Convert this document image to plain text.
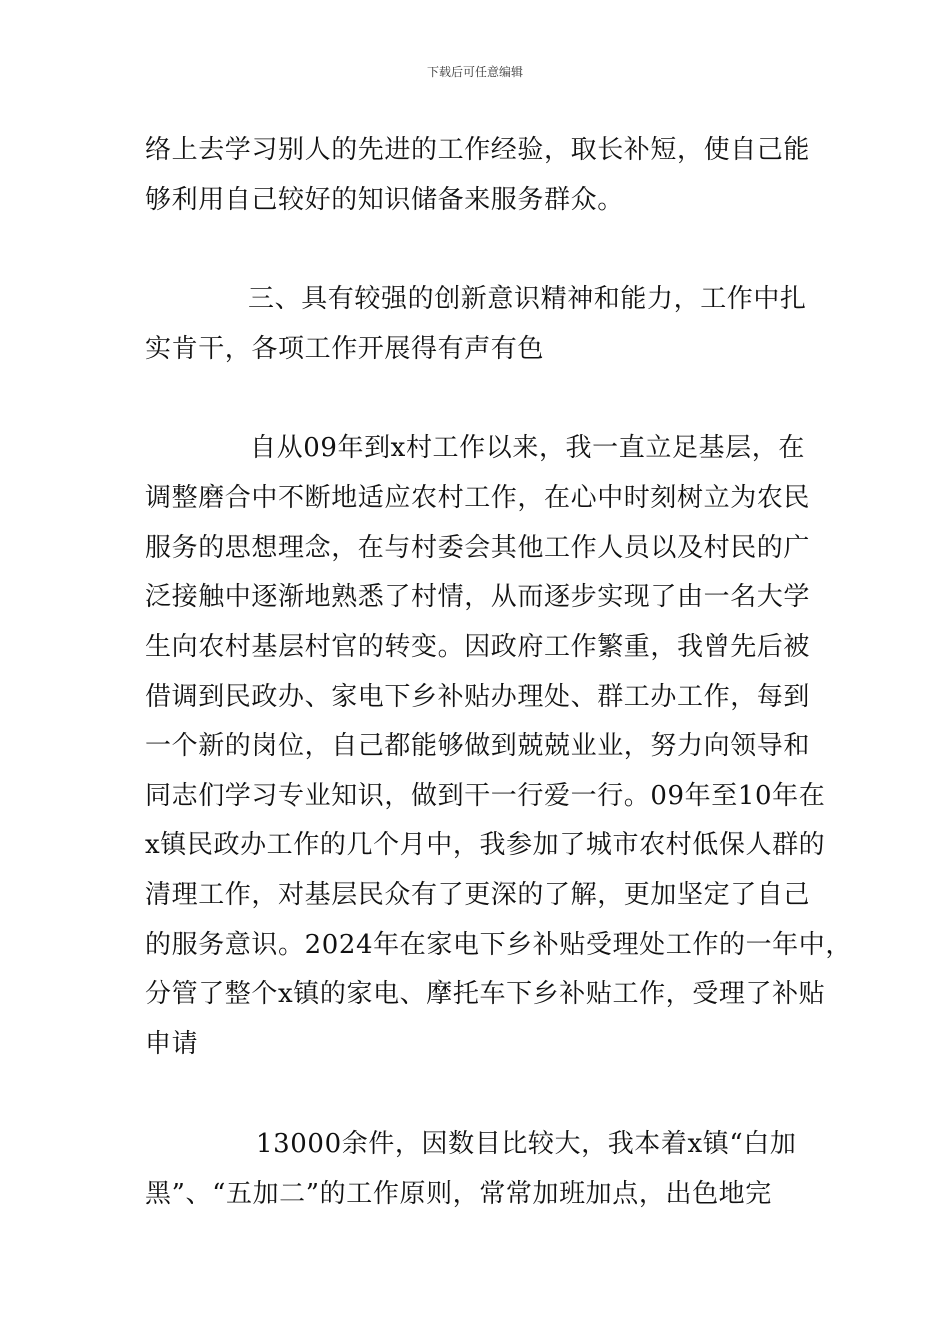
下载后可任意编辑
络上去学习别人的先进的工作经验，取长补短，使自己能
够利用自己较好的知识储备来服务群众。
三、具有较强的创新意识精神和能力，工作中扎
实肯干，各项工作开展得有声有色
自从09年到x村工作以来，我一直立足基层，在
调整磨合中不断地适应农村工作，在心中时刻树立为农民
服务的思想理念，在与村委会其他工作人员以及村民的广
泛接触中逐渐地熟悉了村情，从而逐步实现了由一名大学
生向农村基层村官的转变。因政府工作繁重，我曾先后被
借调到民政办、家电下乡补贴办理处、群工办工作，每到
一个新的岗位，自己都能够做到兢兢业业，努力向领导和
同志们学习专业知识，做到干一行爱一行。09年至10年在
x镇民政办工作的几个月中，我参加了城市农村低保人群的
清理工作，对基层民众有了更深的了解，更加坚定了自己
的服务意识。2024年在家电下乡补贴受理处工作的一年中，
分管了整个x镇的家电、摩托车下乡补贴工作，受理了补贴
申请
13000余件，因数目比较大，我本着x镇“白加
黑”、“五加二”的工作原则，常常加班加点，出色地完
